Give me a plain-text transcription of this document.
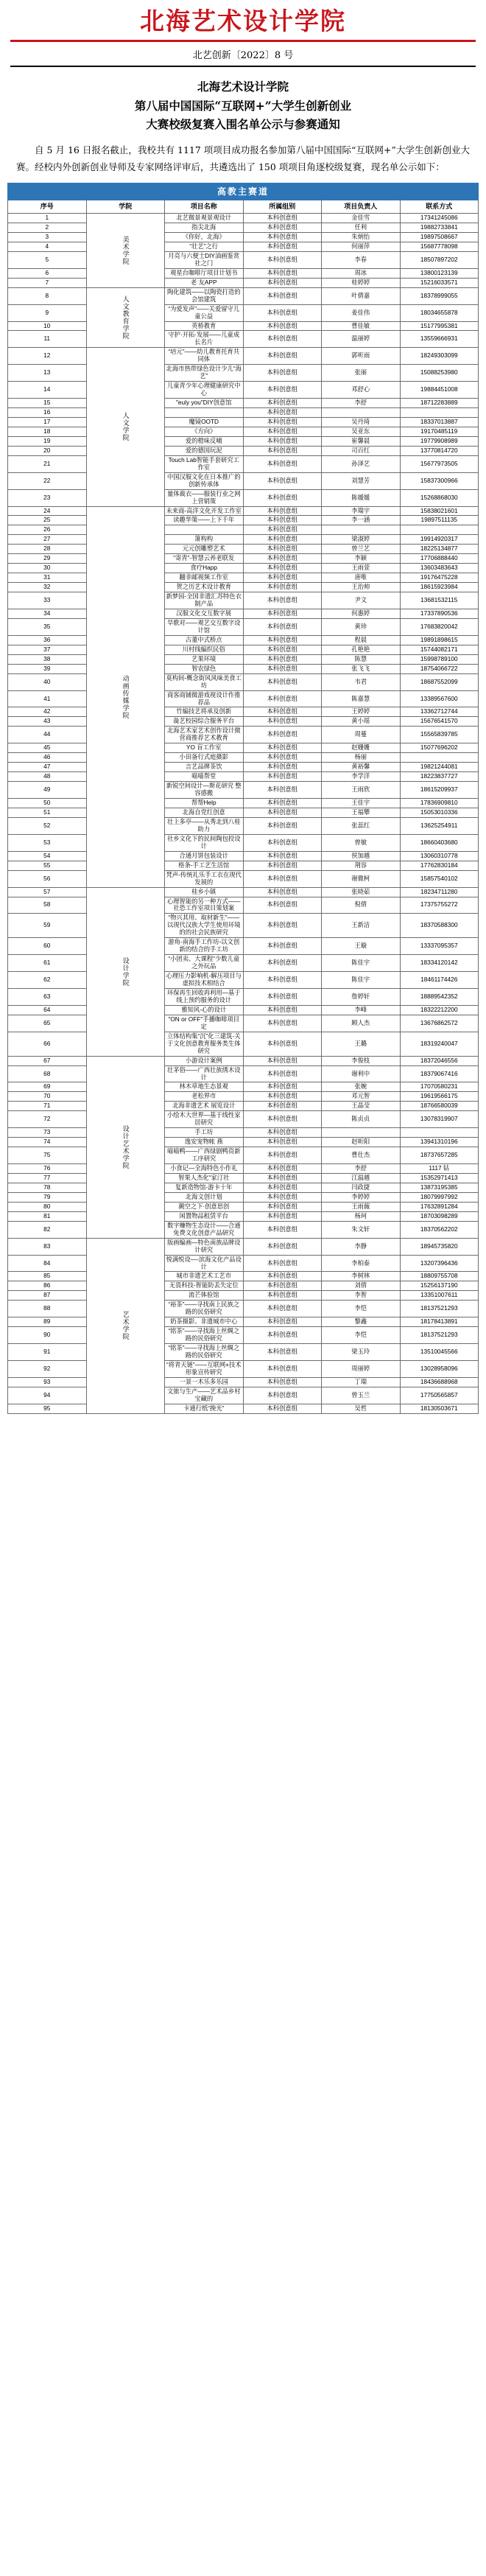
北海艺术设计学院
北艺创新〔2022〕8 号
北海艺术设计学院
第八届中国国际“互联网+”大学生创新创业
大赛校级复赛入围名单公示与参赛通知
自 5 月 16 日报名截止，我校共有 1117 项项目成功报名参加第八届中国国际“互联网+”大学生创新创业大赛。经校内外创新创业导师及专家网络评审后，共遴选出了 150 项项目角逐校级复赛，现名单公示如下：
高教主赛道					
序号	学院	项目名称	所属组别	项目负责人	联系方式
1	美术学院	北艺微景观景观设计	本科创意组	金佳雪	17341245086
2		指尖北海	本科创意组	任利	19882733841
3		《你好，北海》	本科创意组	朱炳怡	19897508667
4		“壮艺”之行	本科创意组	何丽萍	15687778098
5		月亮与六便士DIY油画鉴赏社之门	本科创意组	李春	18507897202
6		观星台咖啡厅项目计划书	本科创意组	周冰	13800123139
7		老 友APP	本科创意组	桂婷婷	15216033571
8	人文教育学院	陶化建筑——以陶瓷打造的会馆建筑	本科创意组	叶倩嘉	18378999055
9		“为爱发声”——关爱留守儿童公益	本科创意组	姜佳伟	18034655878
10		英桥教育	本科创意组	曹佳敏	15177995381
11		守护·开拓·发展——儿童成长名片	本科创意组	温丽婷	13559666931
12	人文学院	“培元”——幼儿教育托育共同体	本科创意组	郭听雨	18249303099
13		北海市热带绿色设计少儿“海艺”	本科创意组	张丽	15088253980
14		儿童青少年心理健康研究中心	本科创意组	邓舒心	19884451008
15		"euly you"DIY创意馆	本科创意组	李舒	18712283889
16			本科创意组		
17		魔镜OOTD	本科创意组	吴丹琦	18337013887
18		《方向》	本科创意组	吴亚东	19170485119
19		爱的橙味反哺	本科创意组	崔馨晨	19779908989
20		爱的德国玩泥	本科创意组	司百红	13770814720
21		Touch Lab智能手套研究工作室	本科创意组	孙泽艺	15677973505
22		中国汉服文化在日本推广的创新传承体	本科创意组	刘慧芳	15837300966
23		量体裁衣——服装行业之网上营销策	本科创意组	陈媛媛	15268868030
24	动画传媒学院	未来商-高洋文化开发工作室	本科创意组	李瑞宇	15838021601
25		读趣华策——上下千年	本科创意组	李一涵	19897511135
26			本科创意组		
27		箫构构	本科创意组	梁淑婷	19914920317
28		元元创雕塑艺术	本科创意组	曾兰艺	18225134877
29		“寄青”-智慧云养老联发	本科创意组	李颖	17706888440
30		食疗Happ	本科创意组	王雨萱	13603483643
31		翻非邮视频工作室	本科创意组	唐唯	19176475228
32		贺之历艺术设计教育	本科创意组	王治帅	18615923984
33		新梦园-全国非遗汇苏特色衣制产品	本科创意组	尹文	13681532115
34		汉服文化交互数字展	本科创意组	何惠婷	17337890536
35		旱歌对——观艺交互数字设计馆	本科创意组	黄珍	17683820042
36		古董中式桥点	本科创意组	程晨	19891898615
37		川村线编织民俗	本科创意组	孔艳艳	15744082171
38		艺果环境	本科创意组	陈慧	15998789100
39		智农绿色	本科创意组	张飞飞	18754066722
40		莫构间-概念街风风味美食工坊	本科创意组	韦君	18687552099
41		商客商铺微游戏视设计作推荐品	本科创意组	陈嘉慧	13389567600
42		竹编技艺将承及创新	本科创意组	王婷婷	13362712744
43		彘艺校园综合服务平台	本科创意组	黄小瑶	15676541570
44		北海艺术家艺术创作设计微营商推荐艺术教育	本科创意组	周蔓	15565839785
45		YO 盲工作室	本科创意组	赵姗姗	15077696202
46		小田备行式庭摄影	本科创意组	杨丽	
47		言艺品牌茶饮	本科创意组	黄裕馨	19821244081
48		喵喵帮堂	本科创意组	李学洋	18223837727
49		新锐空间设计—斯花研究 整容感搬	本科创意组	王雨欣	18615209937
50		帮帮Help	本科创意组	王佳宇	17836909810
51		北海自党红创意	本科创意组	王福攀	15053010336
52		壮上多亭——从秀北到八桂助力	本科创意组	张蕊红	13625254911
53		社乡文化下的民间陶包投设计	本科创意组	曾敏	18660403680
54		合通月饼包装设计	本科创意组	侯加越	13060310778
55		格条-手工艺生活馆	本科创意组	荆容	17762830184
56		梵声-传统礼乐手工衣在现代发展的	本科创意组	谢微柯	15857540102
57	设计学院	桂乡小镇	本科创意组	张晓茹	18234711280
58		心理智能的另一种方式——社恐工作室项目策划案	本科创意组	倪倩	17375755272
59		“物兴其用、取材新生”——以现代汉族大学生使用环境的的社会民族研究	本科创意组	王新洁	18370588300
60		游角-南海手工作坊-以文创新的结合的手工坊	本科创意组	王璇	13337095357
61		“小团卖、大课程”少数儿童之外玩品	本科创意组	陈佳宇	18334120142
62		心理压力影响机-解压项目与虚拟技术相结合	本科创意组	陈佳宇	18461174426
63		环保再生回收再利用—基于线上预约服务的设计	本科创意组	詹婷轩	18889542352
64		雅知风-心的设计	本科创意组	李峰	18322212200
65		"ON or OFF"手播咖啡项目定	本科创意组	顾人杰	13676862572
66		立体结构集“沉”化三建筑-关于文化创意教育服务类生体研究	本科创意组	王璐	18319240047
67	设计艺术学院	小游设计案例	本科创意组	李俊枝	18372046556
68		壮茅俗——广西壮族绣木设计	本科创意组	谢利中	18379067416
69		林木草地生态景观	本科创意组	张婉	17070580231
70		老松界市	本科创意组	邓元智	19619566175
71		北海非遗艺术 展览设计	本科创意组	王晶莹	18766580039
72		小绘木大世界—基于线性家居研究	本科创意组	陈贞贞	13078319907
73		手工坊	本科创意组		
74		逸安宠物帐 燕	本科创意组	赵昕阳	13941310196
75		喵喵鸭——广西绿剧鸭资新工序研究	本科创意组	曹仕杰	18737657285
76		小食记—全海特色小作礼	本科创意组	李舒	1117 钻
77		智果人杰化“家汀社	本科创意组	江温越	15352971413
78		复新造物馆-游卡十年	本科创意组	闫政捷	13873195385
79		北海文创计划	本科创意组	李婷婷	18079997992
80		潮空之下·创意思创	本科创意组	王雨薇	17632891284
81		闲置物品租赁平台	本科创意组	杨珂	18703098289
82		数字赚物生态设计——合通免费文化创意产品研究	本科创意组	朱文轩	18370562202
83	艺术学院	版画编画—特色南族品牌设计研究	本科创意组	李静	18945735820
84		悦满悦设—-滨海文化产品设计	本科创意组	李柏泰	13207396436
85		城市非遗艺术工艺市	本科创意组	李树林	18809755708
86		无畏科技-智能防丢失定位	本科创意组	刘倩	15256137190
87		流芒体验馆	本科创意组	李智	13351007611
88		“裕茶”——寻找南上民族之路的民俗研究	本科创意组	李恺	18137521293
89		奶茶摄影、非遗城市中心	本科创意组	黎鑫	18178413891
90		“铭茶”——寻找海上丝绸之路的民俗研究	本科创意组	李恺	18137521293
91		“铭茶”——寻找海上丝绸之路的民俗研究	本科创意组	梁玉玲	13510045566
92		“将青天链”——互联网+技术形象宣传研究	本科创意组	周丽婷	13028958096
93		一景一木乐多乐园	本科创意组	丁瑞	18436688968
94		文旅与生产——艺术品乡村宝藏的	本科创意组	曾玉兰	17750565857
95		卡通行纸“挽光”	本科创意组	吴哲	18130503671
